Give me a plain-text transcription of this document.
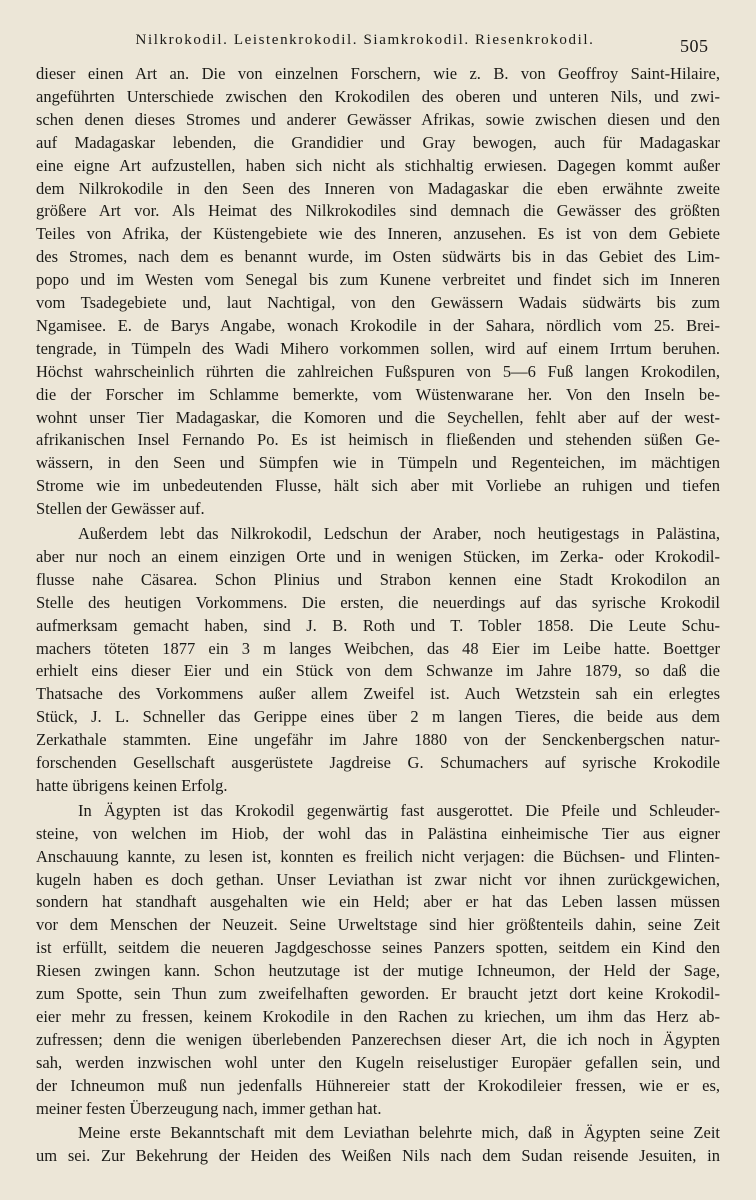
Nilkrokodil. Leistenkrokodil. Siamkrokodil. Riesenkrokodil.	505
dieser einen Art an. Die von einzelnen Forschern, wie z. B. von Geoffroy Saint-Hilaire,
angeführten Unterschiede zwischen den Krokodilen des oberen und unteren Nils, und zwi-
schen denen dieses Stromes und anderer Gewässer Afrikas, sowie zwischen diesen und den
auf Madagaskar lebenden, die Grandidier und Gray bewogen, auch für Madagaskar
eine eigne Art aufzustellen, haben sich nicht als stichhaltig erwiesen. Dagegen kommt außer
dem Nilkrokodile in den Seen des Inneren von Madagaskar die eben erwähnte zweite
größere Art vor. Als Heimat des Nilkrokodiles sind demnach die Gewässer des größten
Teiles von Afrika, der Küstengebiete wie des Inneren, anzusehen. Es ist von dem Gebiete
des Stromes, nach dem es benannt wurde, im Osten südwärts bis in das Gebiet des Lim-
popo und im Westen vom Senegal bis zum Kunene verbreitet und findet sich im Inneren
vom Tsadegebiete und, laut Nachtigal, von den Gewässern Wadais südwärts bis zum
Ngamisee. E. de Barys Angabe, wonach Krokodile in der Sahara, nördlich vom 25. Brei-
tengrade, in Tümpeln des Wadi Mihero vorkommen sollen, wird auf einem Irrtum beruhen.
Höchst wahrscheinlich rührten die zahlreichen Fußspuren von 5—6 Fuß langen Krokodilen,
die der Forscher im Schlamme bemerkte, vom Wüstenwarane her. Von den Inseln be-
wohnt unser Tier Madagaskar, die Komoren und die Seychellen, fehlt aber auf der west-
afrikanischen Insel Fernando Po. Es ist heimisch in fließenden und stehenden süßen Ge-
wässern, in den Seen und Sümpfen wie in Tümpeln und Regenteichen, im mächtigen
Strome wie im unbedeutenden Flusse, hält sich aber mit Vorliebe an ruhigen und tiefen
Stellen der Gewässer auf.
Außerdem lebt das Nilkrokodil, Ledschun der Araber, noch heutigestags in Palästina,
aber nur noch an einem einzigen Orte und in wenigen Stücken, im Zerka- oder Krokodil-
flusse nahe Cäsarea. Schon Plinius und Strabon kennen eine Stadt Krokodilon an
Stelle des heutigen Vorkommens. Die ersten, die neuerdings auf das syrische Krokodil
aufmerksam gemacht haben, sind J. B. Roth und T. Tobler 1858. Die Leute Schu-
machers töteten 1877 ein 3 m langes Weibchen, das 48 Eier im Leibe hatte. Boettger
erhielt eins dieser Eier und ein Stück von dem Schwanze im Jahre 1879, so daß die
Thatsache des Vorkommens außer allem Zweifel ist. Auch Wetzstein sah ein erlegtes
Stück, J. L. Schneller das Gerippe eines über 2 m langen Tieres, die beide aus dem
Zerkathale stammten. Eine ungefähr im Jahre 1880 von der Senckenbergschen natur-
forschenden Gesellschaft ausgerüstete Jagdreise G. Schumachers auf syrische Krokodile
hatte übrigens keinen Erfolg.
In Ägypten ist das Krokodil gegenwärtig fast ausgerottet. Die Pfeile und Schleuder-
steine, von welchen im Hiob, der wohl das in Palästina einheimische Tier aus eigner
Anschauung kannte, zu lesen ist, konnten es freilich nicht verjagen: die Büchsen- und Flinten-
kugeln haben es doch gethan. Unser Leviathan ist zwar nicht vor ihnen zurückgewichen,
sondern hat standhaft ausgehalten wie ein Held; aber er hat das Leben lassen müssen
vor dem Menschen der Neuzeit. Seine Urweltstage sind hier größtenteils dahin, seine Zeit
ist erfüllt, seitdem die neueren Jagdgeschosse seines Panzers spotten, seitdem ein Kind den
Riesen zwingen kann. Schon heutzutage ist der mutige Ichneumon, der Held der Sage,
zum Spotte, sein Thun zum zweifelhaften geworden. Er braucht jetzt dort keine Krokodil-
eier mehr zu fressen, keinem Krokodile in den Rachen zu kriechen, um ihm das Herz ab-
zufressen; denn die wenigen überlebenden Panzerechsen dieser Art, die ich noch in Ägypten
sah, werden inzwischen wohl unter den Kugeln reiselustiger Europäer gefallen sein, und
der Ichneumon muß nun jedenfalls Hühnereier statt der Krokodileier fressen, wie er es,
meiner festen Überzeugung nach, immer gethan hat.
Meine erste Bekanntschaft mit dem Leviathan belehrte mich, daß in Ägypten seine Zeit
um sei. Zur Bekehrung der Heiden des Weißen Nils nach dem Sudan reisende Jesuiten, in
